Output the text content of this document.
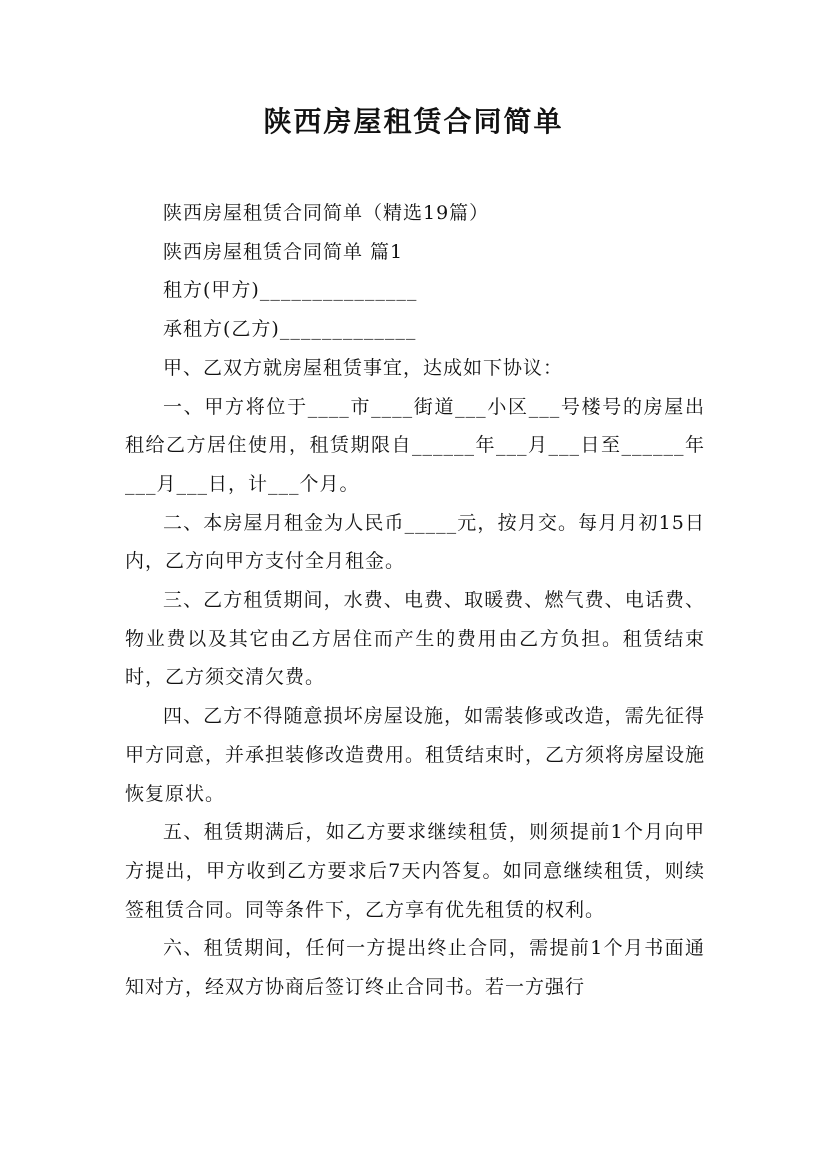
陕西房屋租赁合同简单

陕西房屋租赁合同简单（精选19篇）

陕西房屋租赁合同简单 篇1

租方(甲方)_______________

承租方(乙方)_____________

甲、乙双方就房屋租赁事宜，达成如下协议：

一、甲方将位于____市____街道___小区___号楼号的房屋出租给乙方居住使用，租赁期限自______年___月___日至______年___月___日，计___个月。

二、本房屋月租金为人民币_____元，按月交。每月月初15日内，乙方向甲方支付全月租金。

三、乙方租赁期间，水费、电费、取暖费、燃气费、电话费、物业费以及其它由乙方居住而产生的费用由乙方负担。租赁结束时，乙方须交清欠费。

四、乙方不得随意损坏房屋设施，如需装修或改造，需先征得甲方同意，并承担装修改造费用。租赁结束时，乙方须将房屋设施恢复原状。

五、租赁期满后，如乙方要求继续租赁，则须提前1个月向甲方提出，甲方收到乙方要求后7天内答复。如同意继续租赁，则续签租赁合同。同等条件下，乙方享有优先租赁的权利。

六、租赁期间，任何一方提出终止合同，需提前1个月书面通知对方，经双方协商后签订终止合同书。若一方强行
